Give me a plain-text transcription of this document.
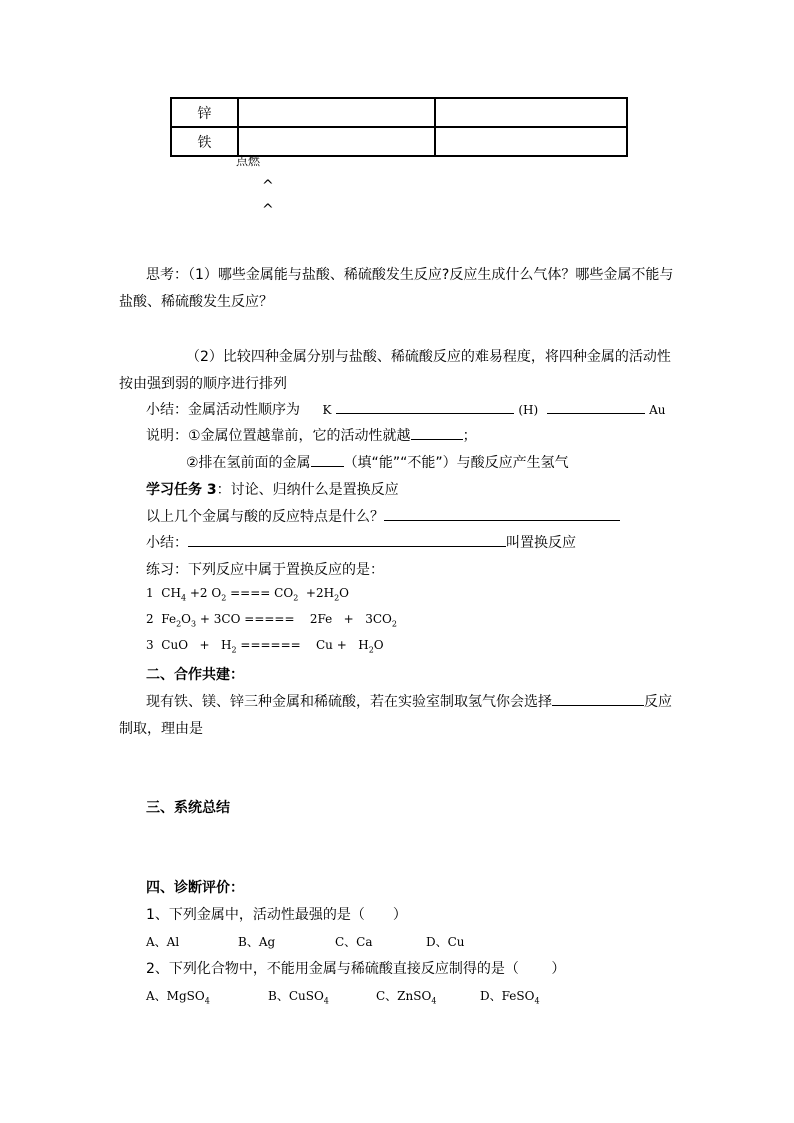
锌		
铁		
点燃
^
^
思考：（1）哪些金属能与盐酸、稀硫酸发生反应?反应生成什么气体？哪些金属不能与
盐酸、稀硫酸发生反应？
（2）比较四种金属分别与盐酸、稀硫酸反应的难易程度，将四种金属的活动性
按由强到弱的顺序进行排列
小结：金属活动性顺序为 K	(H)	Au
说明：①金属位置越靠前，它的活动性就越	；
②排在氢前面的金属 （填“能”“不能”）与酸反应产生氢气
学习任务 3：讨论、归纳什么是置换反应
以上几个金属与酸的反应特点是什么？
小结：	叫置换反应
练习：下列反应中属于置换反应的是：
1 $CH_4 +2$ $O_2$ ==== $CO_2 +2H_2O$
2 $Fe_2O_3 + 3CO$ ===== $2Fe + 3CO_2$
3 CuO + $H_2$ ====== $Cu + H_2O$
二、合作共建：
现有铁、镁、锌三种金属和稀硫酸，若在实验室制取氢气你会选择	反应
制取，理由是
三、系统总结
四、诊断评价：
1、下列金属中，活动性最强的是（　　）
A、Al	B、Ag	C、Ca	D、Cu
2、下列化合物中，不能用金属与稀硫酸直接反应制得的是（　　 ）
A、MgSO$_4$	B、CuSO$_4$	C、ZnSO$_4$	D、FeSO$_4$
